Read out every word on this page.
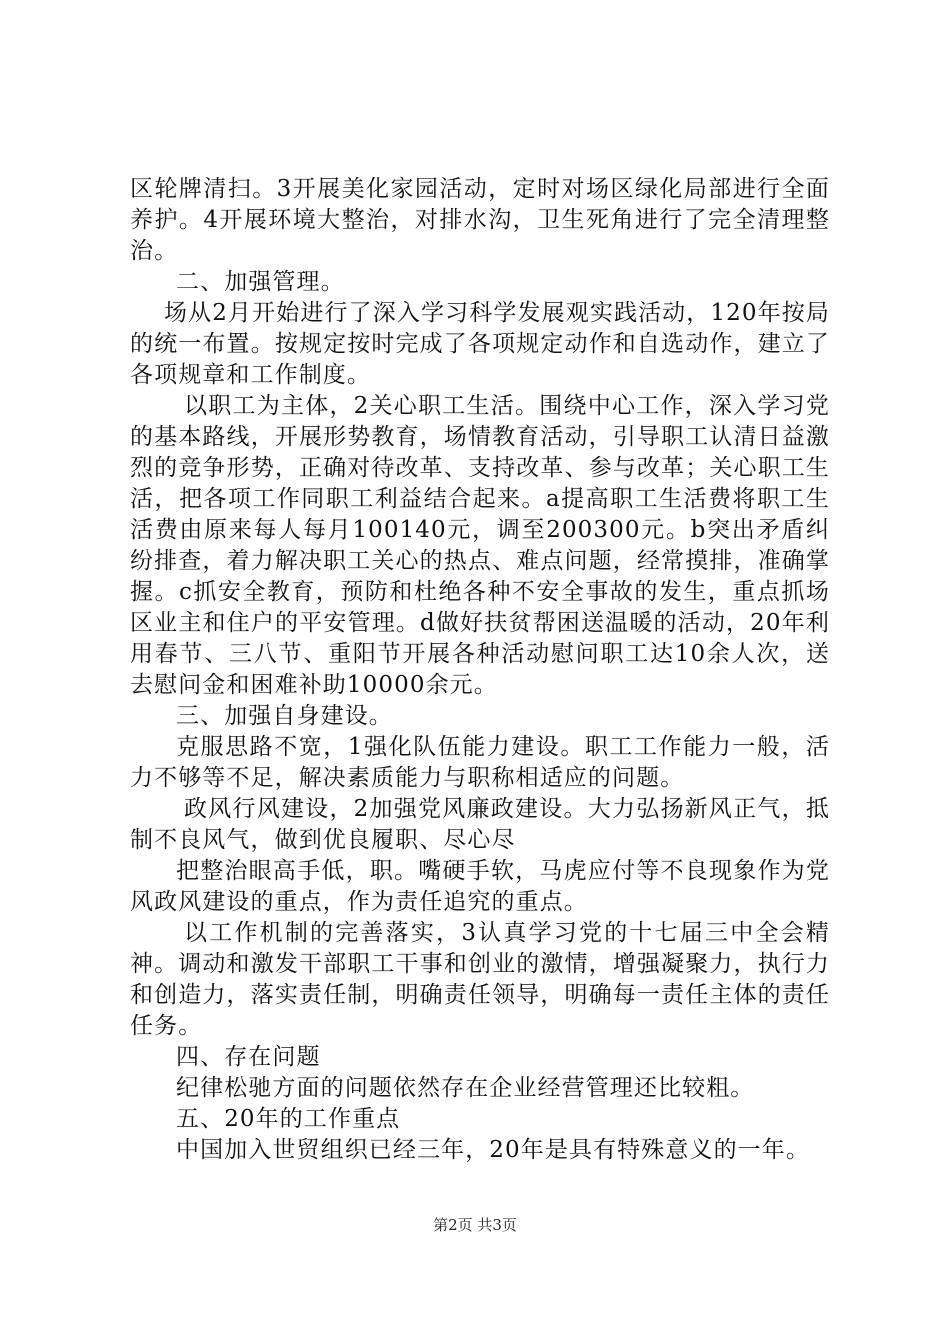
区轮牌清扫。3开展美化家园活动，定时对场区绿化局部进行全面养护。4开展环境大整治，对排水沟，卫生死角进行了完全清理整治。

二、加强管理。

场从2月开始进行了深入学习科学发展观实践活动，120年按局的统一布置。按规定按时完成了各项规定动作和自选动作，建立了各项规章和工作制度。

以职工为主体，2关心职工生活。围绕中心工作，深入学习党的基本路线，开展形势教育，场情教育活动，引导职工认清日益激烈的竞争形势，正确对待改革、支持改革、参与改革；关心职工生活，把各项工作同职工利益结合起来。a提高职工生活费将职工生活费由原来每人每月100140元，调至200300元。b突出矛盾纠纷排查，着力解决职工关心的热点、难点问题，经常摸排，准确掌握。c抓安全教育，预防和杜绝各种不安全事故的发生，重点抓场区业主和住户的平安管理。d做好扶贫帮困送温暖的活动，20年利用春节、三八节、重阳节开展各种活动慰问职工达10余人次，送去慰问金和困难补助10000余元。

三、加强自身建设。

克服思路不宽，1强化队伍能力建设。职工工作能力一般，活力不够等不足，解决素质能力与职称相适应的问题。

政风行风建设，2加强党风廉政建设。大力弘扬新风正气，抵制不良风气，做到优良履职、尽心尽

把整治眼高手低，职。嘴硬手软，马虎应付等不良现象作为党风政风建设的重点，作为责任追究的重点。

以工作机制的完善落实，3认真学习党的十七届三中全会精神。调动和激发干部职工干事和创业的激情，增强凝聚力，执行力和创造力，落实责任制，明确责任领导，明确每一责任主体的责任任务。

四、存在问题

纪律松驰方面的问题依然存在企业经营管理还比较粗。

五、20年的工作重点

中国加入世贸组织已经三年，20年是具有特殊意义的一年。

第2页 共3页
